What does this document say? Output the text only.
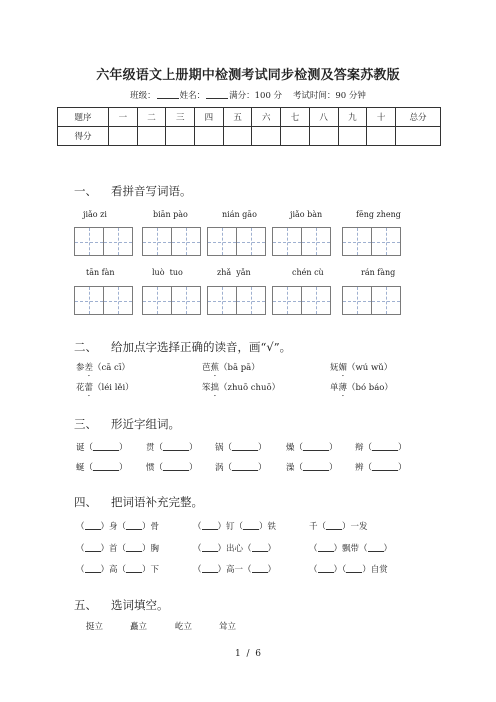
六年级语文上册期中检测考试同步检测及答案苏教版
班级：	姓名：	满分：100 分 考试时间：90 分钟
题序	一	二	三	四	五	六	七	八	九	十	总分
得分											
一、 看拼音写词语。
jiǎo zi	biān pào	nián gāo	jiǎo bàn	fēng zheng
tān fàn	luò  tuo	zhǎ  yǎn	chén cù	rán fàng
二、 给加点字选择正确的读音，画“√”。
参差（cā cī）	芭蕉（bā pā）	妩媚（wú wǔ）
花蕾（léi lěi）	笨拙（zhuō chuō）	单薄（bó báo）
三、 形近字组词。
诞（	） 贯（	） 锅（	） 燥（	） 辩（	）
蜒（	） 惯（	） 涡（	） 澡（	） 辨（	）
四、 把词语补充完整。
（ ）身（ ）骨	（ ）钉（ ）铁	千（ ）一发
（ ）首（ ）胸	（ ）出心（ ）	（ ）飘带（ ）
（ ）高（ ）下	（ ）高一（ ）	（ ）（ ）自赏
五、 选词填空。
挺立	矗立	屹立	耸立
1  /  6
